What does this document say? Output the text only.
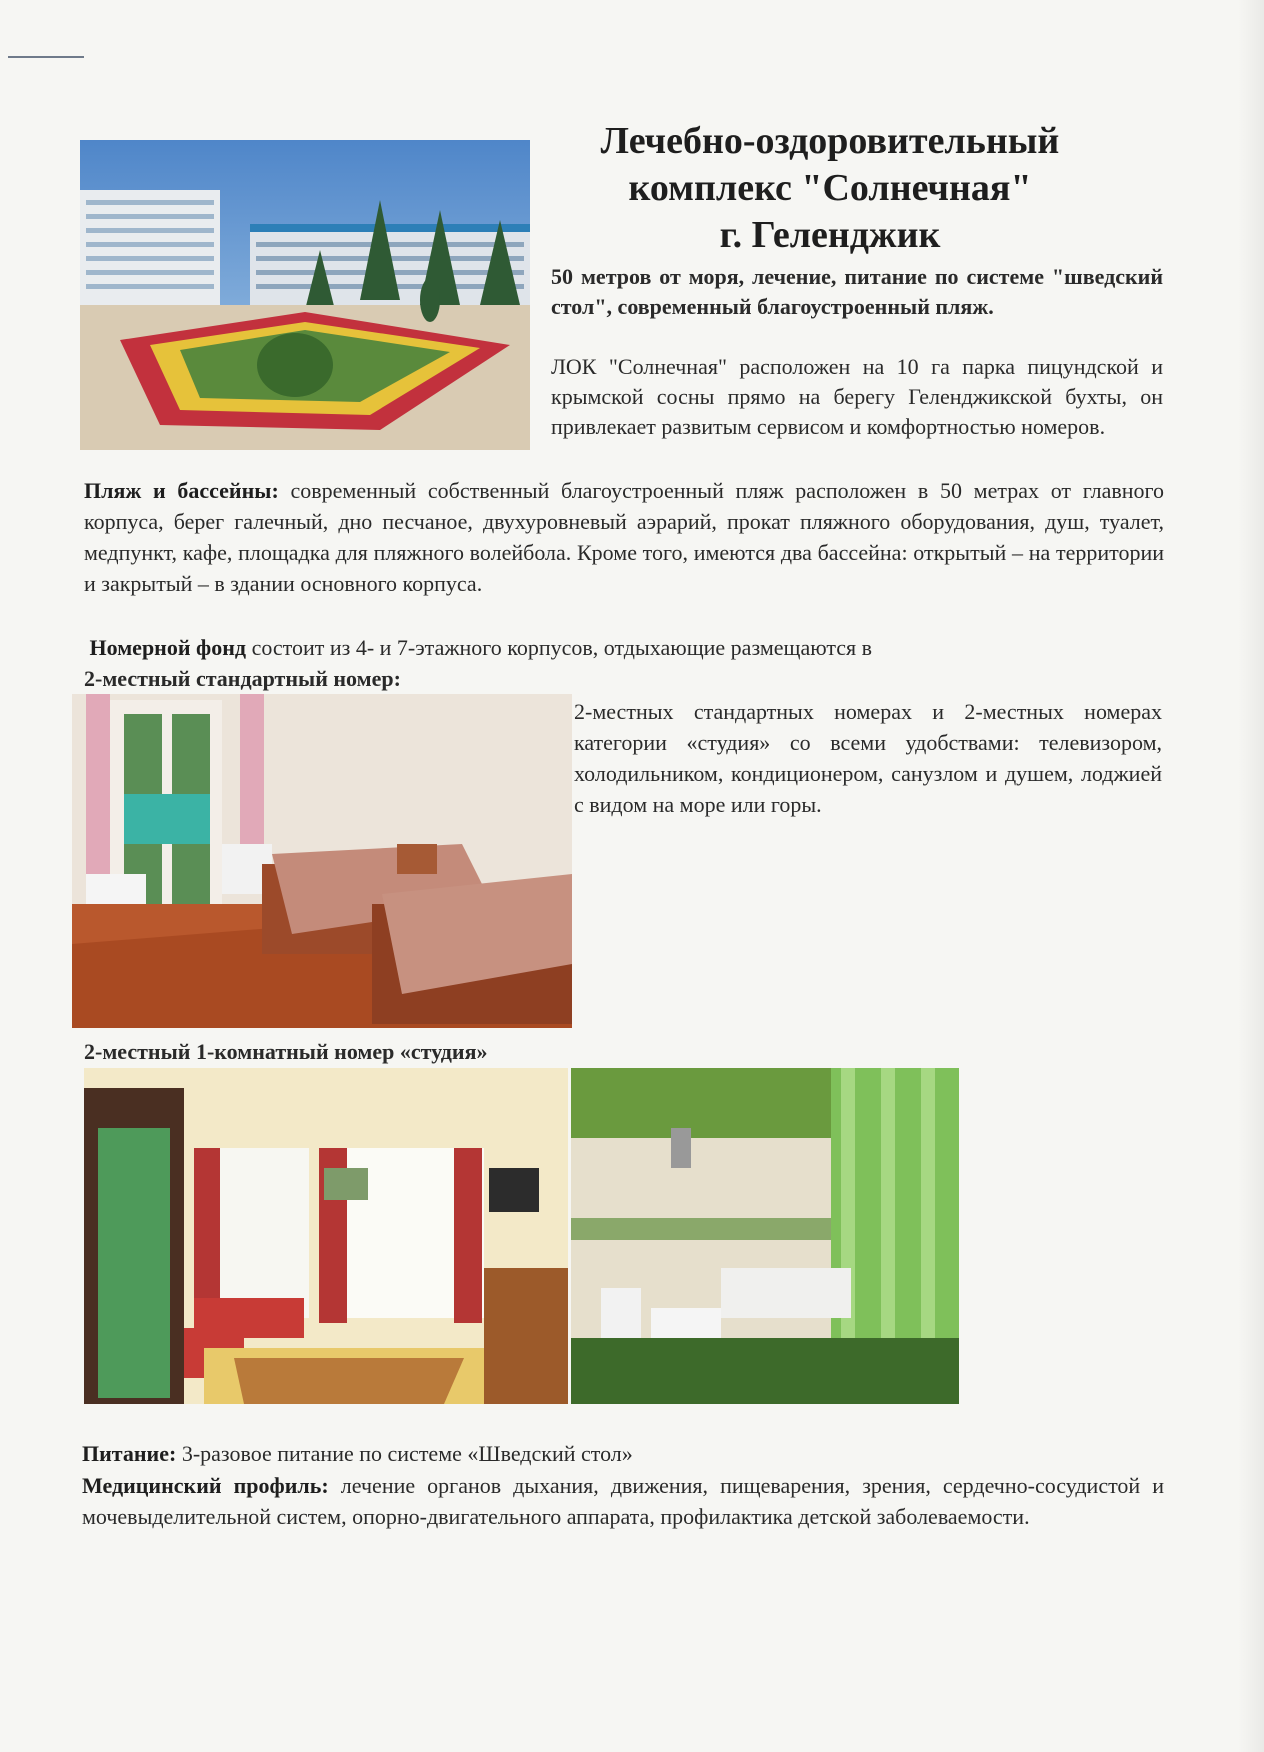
Лечебно-оздоровительный
комплекс "Солнечная"
г. Геленджик
50 метров от моря, лечение, питание по системе "шведский стол", современный благоустроенный пляж.
ЛОК "Солнечная" расположен на 10 га парка пицундской и крымской сосны прямо на берегу Геленджикской бухты, он привлекает развитым сервисом и комфортностью номеров.
Пляж и бассейны: современный собственный благоустроенный пляж расположен в 50 метрах от главного корпуса, берег галечный, дно песчаное, двухуровневый аэрарий, прокат пляжного оборудования, душ, туалет, медпункт, кафе, площадка для пляжного волейбола. Кроме того, имеются два бассейна: открытый – на территории и закрытый – в здании основного корпуса.
Номерной фонд состоит из 4- и 7-этажного корпусов, отдыхающие размещаются в
2-местный стандартный номер:
2-местных стандартных номерах и 2-местных номерах категории «студия» со всеми удобствами: телевизором, холодильником, кондиционером, санузлом и душем, лоджией с видом на море или горы.
2-местный 1-комнатный номер «студия»
Питание: 3-разовое питание по системе «Шведский стол»
Медицинский профиль: лечение органов дыхания, движения, пищеварения, зрения, сердечно-сосудистой и мочевыделительной систем, опорно-двигательного аппарата, профилактика детской заболеваемости.
